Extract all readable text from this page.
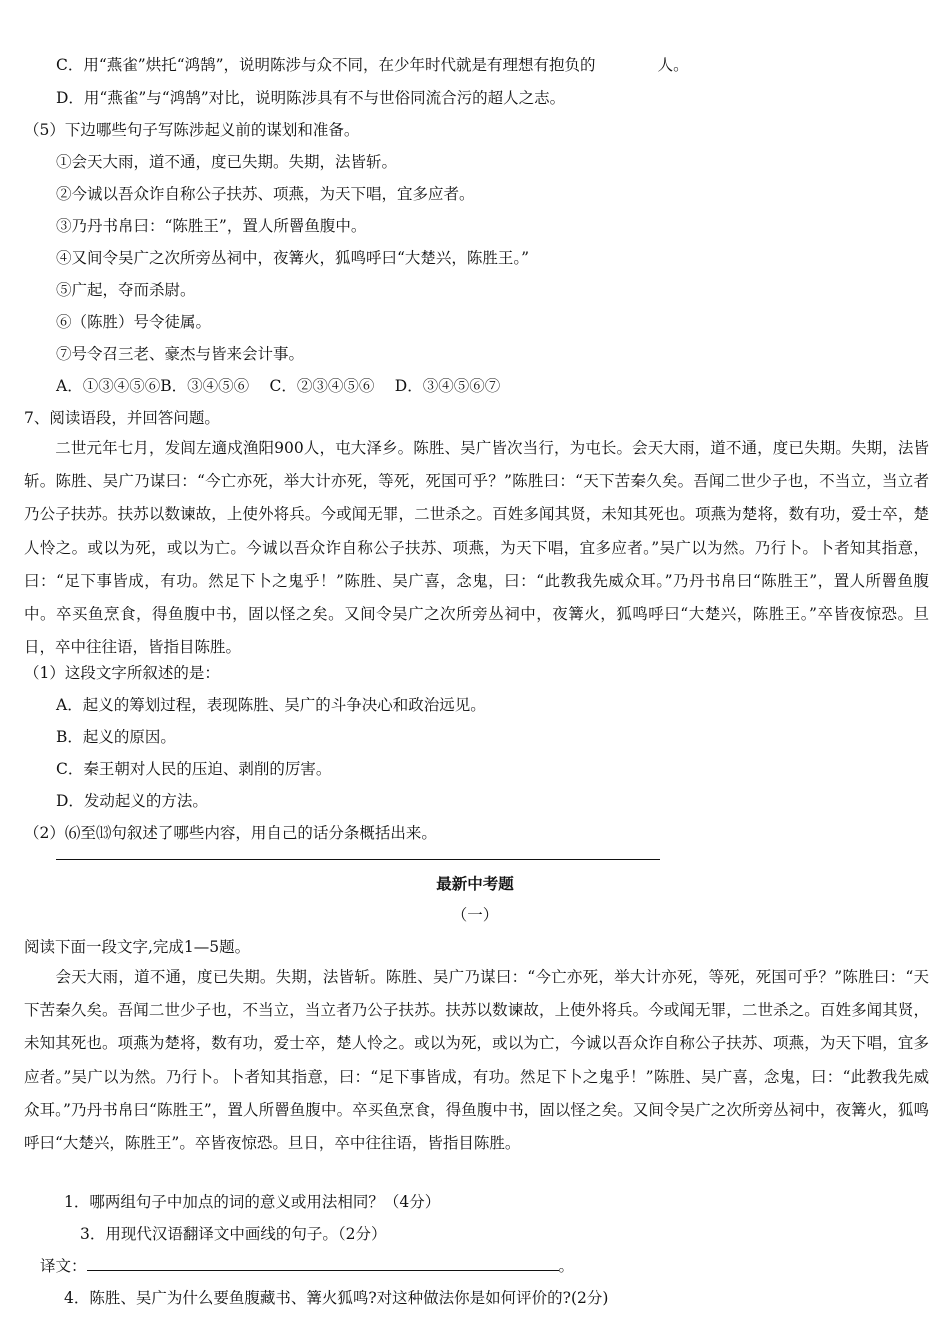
C．用“燕雀”烘托“鸿鹄”，说明陈涉与众不同，在少年时代就是有理想有抱负的	人。
D．用“燕雀”与“鸿鹄”对比，说明陈涉具有不与世俗同流合污的超人之志。
（5）下边哪些句子写陈涉起义前的谋划和准备。
①会天大雨，道不通，度已失期。失期，法皆斩。
②今诚以吾众诈自称公子扶苏、项燕，为天下唱，宜多应者。
③乃丹书帛曰：“陈胜王”，置人所罾鱼腹中。
④又间令吴广之次所旁丛祠中，夜篝火，狐鸣呼曰“大楚兴，陈胜王。”
⑤广起，夺而杀尉。
⑥（陈胜）号令徒属。
⑦号令召三老、豪杰与皆来会计事。
A．①③④⑤⑥B．③④⑤⑥　 C．②③④⑤⑥　 D．③④⑤⑥⑦
7、阅读语段，并回答问题。
　　二世元年七月，发闾左適戍渔阳900人，屯大泽乡。陈胜、吴广皆次当行，为屯长。会天大雨，道不通，度已失期。失期，法皆斩。陈胜、吴广乃谋曰：“今亡亦死，举大计亦死，等死，死国可乎？”陈胜曰：“天下苦秦久矣。吾闻二世少子也，不当立，当立者乃公子扶苏。扶苏以数谏故，上使外将兵。今或闻无罪，二世杀之。百姓多闻其贤，未知其死也。项燕为楚将，数有功，爱士卒，楚人怜之。或以为死，或以为亡。今诚以吾众诈自称公子扶苏、项燕，为天下唱，宜多应者。”吴广以为然。乃行卜。卜者知其指意，曰：“足下事皆成，有功。然足下卜之鬼乎！”陈胜、吴广喜，念鬼，曰：“此教我先威众耳。”乃丹书帛曰“陈胜王”，置人所罾鱼腹中。卒买鱼烹食，得鱼腹中书，固以怪之矣。又间令吴广之次所旁丛祠中，夜篝火，狐鸣呼曰“大楚兴，陈胜王。”卒皆夜惊恐。旦日，卒中往往语，皆指目陈胜。
（1）这段文字所叙述的是：
A．起义的筹划过程，表现陈胜、吴广的斗争决心和政治远见。
B．起义的原因。
C．秦王朝对人民的压迫、剥削的厉害。
D．发动起义的方法。
（2）⑹至⒀句叙述了哪些内容，用自己的话分条概括出来。
最新中考题
（一）
阅读下面一段文字,完成1—5题。
　　会天大雨，道不通，度已失期。失期，法皆斩。陈胜、吴广乃谋曰：“今亡亦死，举大计亦死，等死，死国可乎？”陈胜曰：“天下苦秦久矣。吾闻二世少子也，不当立，当立者乃公子扶苏。扶苏以数谏故，上使外将兵。今或闻无罪，二世杀之。百姓多闻其贤，未知其死也。项燕为楚将，数有功，爱士卒，楚人怜之。或以为死，或以为亡，今诚以吾众诈自称公子扶苏、项燕，为天下唱，宜多应者。”吴广以为然。乃行卜。卜者知其指意，曰：“足下事皆成，有功。然足下卜之鬼乎！”陈胜、吴广喜，念鬼，曰：“此教我先威众耳。”乃丹书帛曰“陈胜王”，置人所罾鱼腹中。卒买鱼烹食，得鱼腹中书，固以怪之矣。又间令吴广之次所旁丛祠中，夜篝火，狐鸣呼曰“大楚兴，陈胜王”。卒皆夜惊恐。旦日，卒中往往语，皆指目陈胜。
1．哪两组句子中加点的词的意义或用法相同？（4分）
3．用现代汉语翻译文中画线的句子。（2分）
译文：	。
4．陈胜、吴广为什么要鱼腹藏书、篝火狐鸣?对这种做法你是如何评价的?(2分)
